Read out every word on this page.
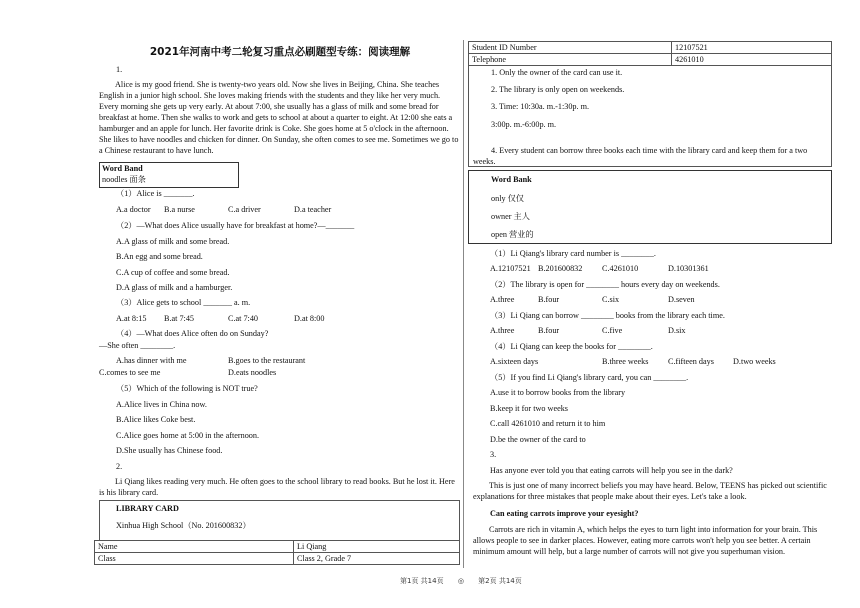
2021年河南中考二轮复习重点必刷题型专练：阅读理解
1.

Alice is my good friend. She is twenty-two years old. Now she lives in Beijing, China. She teaches English in a junior high school. She loves making friends with the students and they like her very much. Every morning she gets up very early. At about 7:00, she usually has a glass of milk and some bread for breakfast at home. Then she walks to work and gets to school at about a quarter to eight. At 12:00 she eats a hamburger and an apple for lunch. Her favorite drink is Coke. She goes home at 5 o'clock in the afternoon. She likes to have noodles and chicken for dinner. On Sunday, she often comes to see me. Sometimes we go to a Chinese restaurant to have lunch.

Word Band
noodles 面条
（1）Alice is _______.
A.a doctor B.a nurse	C.a driver	D.a teacher
（2）—What does Alice usually have for breakfast at home?—_______
A.A glass of milk and some bread.
B.An egg and some bread.
C.A cup of coffee and some bread.
D.A glass of milk and a hamburger.
（3）Alice gets to school _______ a. m.
A.at 8:15 B.at 7:45	C.at 7:40	D.at 8:00
（4）—What does Alice often do on Sunday?
—She often ________.
A.has dinner with me	B.goes to the restaurant
C.comes to see me	D.eats noodles
（5）Which of the following is NOT true?
A.Alice lives in China now.
B.Alice likes Coke best.
C.Alice goes home at 5:00 in the afternoon.
D.She usually has Chinese food.
2.

Li Qiang likes reading very much. He often goes to the school library to read books. But he lost it. Here is his library card.

LIBRARY CARD
Xinhua High School（No. 201600832）
Name	Li Qiang
Class	Class 2, Grade 7
Student ID Number	12107521
Telephone	4261010
1. Only the owner of the card can use it.
2. The library is only open on weekends.
3. Time: 10:30a. m.-1:30p. m.
3:00p. m.-6:00p. m.
4. Every student can borrow three books each time with the library card and keep them for a two weeks.
Word Bank
only 仅仅
owner 主人
open 营业的
（1）Li Qiang's library card number is ________.
A.12107521 B.201600832 C.4261010	D.10301361
（2）The library is open for ________ hours every day on weekends.
A.three	B.four	C.six	D.seven
（3）Li Qiang can borrow ________ books from the library each time.
A.three	B.four	C.five	D.six
（4）Li Qiang can keep the books for ________.
A.sixteen days	B.three weeks C.fifteen days D.two weeks
（5）If you find Li Qiang's library card, you can ________.
A.use it to borrow books from the library
B.keep it for two weeks
C.call 4261010 and return it to him
D.be the owner of the card to
3.
Has anyone ever told you that eating carrots will help you see in the dark?

This is just one of many incorrect beliefs you may have heard. Below, TEENS has picked out scientific explanations for three mistakes that people make about their eyes. Let's take a look.

Can eating carrots improve your eyesight?

Carrots are rich in vitamin A, which helps the eyes to turn light into information for your brain. This allows people to see in darker places. However, eating more carrots won't help you see better. A certain minimum amount will help, but a large number of carrots will not give you superhuman vision.

第1页 共14页 ◎ 第2页 共14页
